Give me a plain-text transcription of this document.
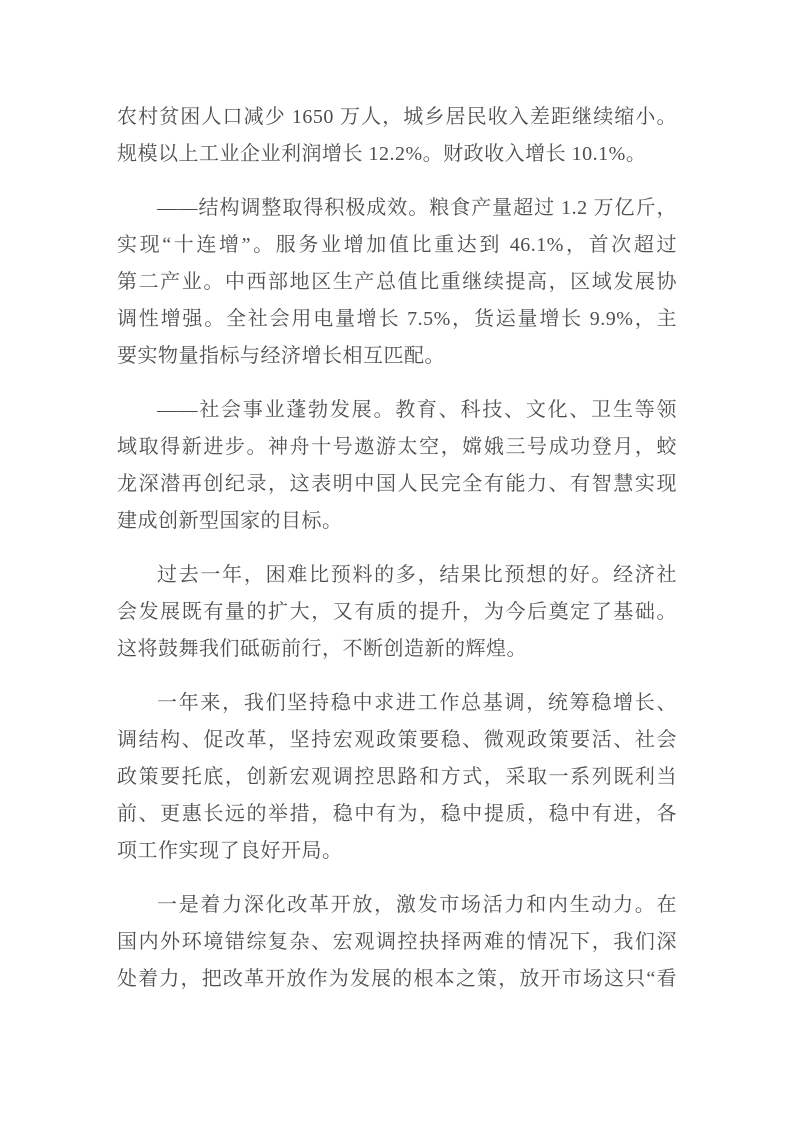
农村贫困人口减少 1650 万人，城乡居民收入差距继续缩小。
规模以上工业企业利润增长 12.2%。财政收入增长 10.1%。

——结构调整取得积极成效。粮食产量超过 1.2 万亿斤，
实现“十连增”。服务业增加值比重达到 46.1%，首次超过
第二产业。中西部地区生产总值比重继续提高，区域发展协
调性增强。全社会用电量增长 7.5%，货运量增长 9.9%，主
要实物量指标与经济增长相互匹配。

——社会事业蓬勃发展。教育、科技、文化、卫生等领
域取得新进步。神舟十号遨游太空，嫦娥三号成功登月，蛟
龙深潜再创纪录，这表明中国人民完全有能力、有智慧实现
建成创新型国家的目标。

过去一年，困难比预料的多，结果比预想的好。经济社
会发展既有量的扩大，又有质的提升，为今后奠定了基础。
这将鼓舞我们砥砺前行，不断创造新的辉煌。

一年来，我们坚持稳中求进工作总基调，统筹稳增长、
调结构、促改革，坚持宏观政策要稳、微观政策要活、社会
政策要托底，创新宏观调控思路和方式，采取一系列既利当
前、更惠长远的举措，稳中有为，稳中提质，稳中有进，各
项工作实现了良好开局。

一是着力深化改革开放，激发市场活力和内生动力。在
国内外环境错综复杂、宏观调控抉择两难的情况下，我们深
处着力，把改革开放作为发展的根本之策，放开市场这只“看
